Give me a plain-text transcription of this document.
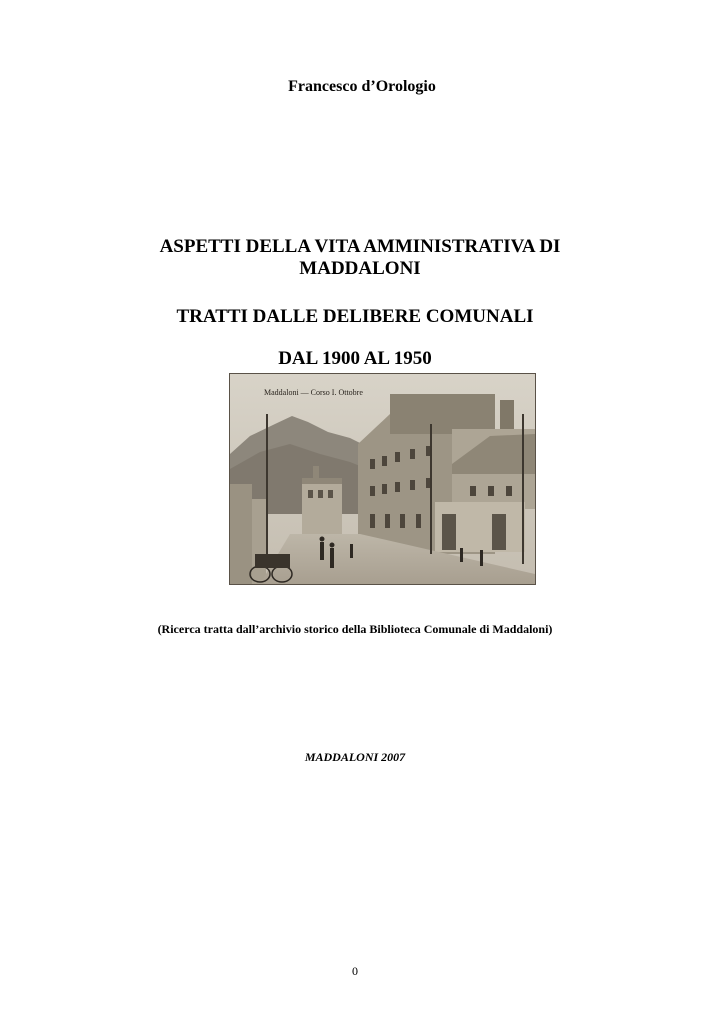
Francesco d’Orologio
ASPETTI DELLA VITA AMMINISTRATIVA DI
MADDALONI
TRATTI DALLE DELIBERE COMUNALI
DAL 1900 AL 1950
Maddaloni — Corso I. Ottobre
(Ricerca tratta dall’archivio storico della Biblioteca Comunale di Maddaloni)
MADDALONI 2007
0
